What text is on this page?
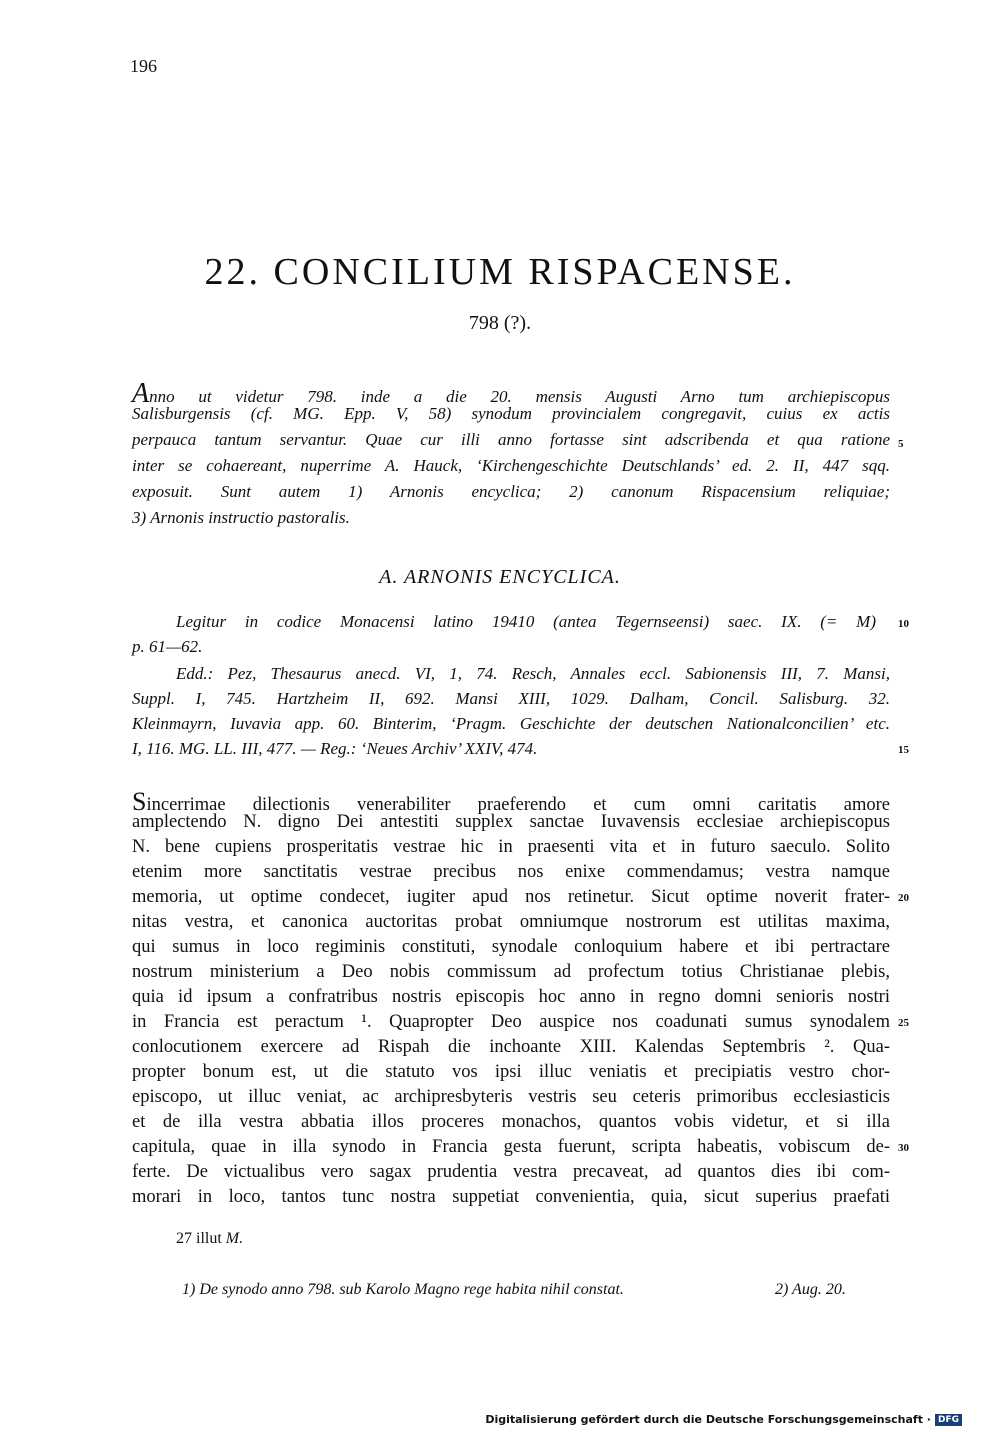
196
22. CONCILIUM RISPACENSE.
798 (?).
Anno ut videtur 798. inde a die 20. mensis Augusti Arno tum archiepiscopus
Salisburgensis (cf. MG. Epp. V, 58) synodum provincialem congregavit, cuius ex actis
perpauca tantum servantur. Quae cur illi anno fortasse sint adscribenda et qua ratione
inter se cohaereant, nuperrime A. Hauck, ‘Kirchengeschichte Deutschlands’ ed. 2. II, 447 sqq.
exposuit. Sunt autem 1) Arnonis encyclica; 2) canonum Rispacensium reliquiae;
3) Arnonis instructio pastoralis.
A. ARNONIS ENCYCLICA.
Legitur in codice Monacensi latino 19410 (antea Tegernseensi) saec. IX. (= M)
p. 61—62.
Edd.: Pez, Thesaurus anecd. VI, 1, 74. Resch, Annales eccl. Sabionensis III, 7. Mansi,
Suppl. I, 745. Hartzheim II, 692. Mansi XIII, 1029. Dalham, Concil. Salisburg. 32.
Kleinmayrn, Iuvavia app. 60. Binterim, ‘Pragm. Geschichte der deutschen Nationalconcilien’ etc.
I, 116. MG. LL. III, 477. — Reg.: ‘Neues Archiv’ XXIV, 474.
Sincerrimae dilectionis venerabiliter praeferendo et cum omni caritatis amore
amplectendo N. digno Dei antestiti supplex sanctae Iuvavensis ecclesiae archiepiscopus
N. bene cupiens prosperitatis vestrae hic in praesenti vita et in futuro saeculo. Solito
etenim more sanctitatis vestrae precibus nos enixe commendamus; vestra namque
memoria, ut optime condecet, iugiter apud nos retinetur. Sicut optime noverit frater-
nitas vestra, et canonica auctoritas probat omniumque nostrorum est utilitas maxima,
qui sumus in loco regiminis constituti, synodale conloquium habere et ibi pertractare
nostrum ministerium a Deo nobis commissum ad profectum totius Christianae plebis,
quia id ipsum a confratribus nostris episcopis hoc anno in regno domni senioris nostri
in Francia est peractum ¹. Quapropter Deo auspice nos coadunati sumus synodalem
conlocutionem exercere ad Rispah die inchoante XIII. Kalendas Septembris ². Qua-
propter bonum est, ut die statuto vos ipsi illuc veniatis et precipiatis vestro chor-
episcopo, ut illuc veniat, ac archipresbyteris vestris seu ceteris primoribus ecclesiasticis
et de illa vestra abbatia illos proceres monachos, quantos vobis videtur, et si illa
capitula, quae in illa synodo in Francia gesta fuerunt, scripta habeatis, vobiscum de-
ferte. De victualibus vero sagax prudentia vestra precaveat, ad quantos dies ibi com-
morari in loco, tantos tunc nostra suppetiat convenientia, quia, sicut superius praefati
5
10
15
20
25
30
27 illut M.
1) De synodo anno 798. sub Karolo Magno rege habita nihil constat.	2) Aug. 20.
Digitalisierung gefördert durch die Deutsche Forschungsgemeinschaft · DFG
